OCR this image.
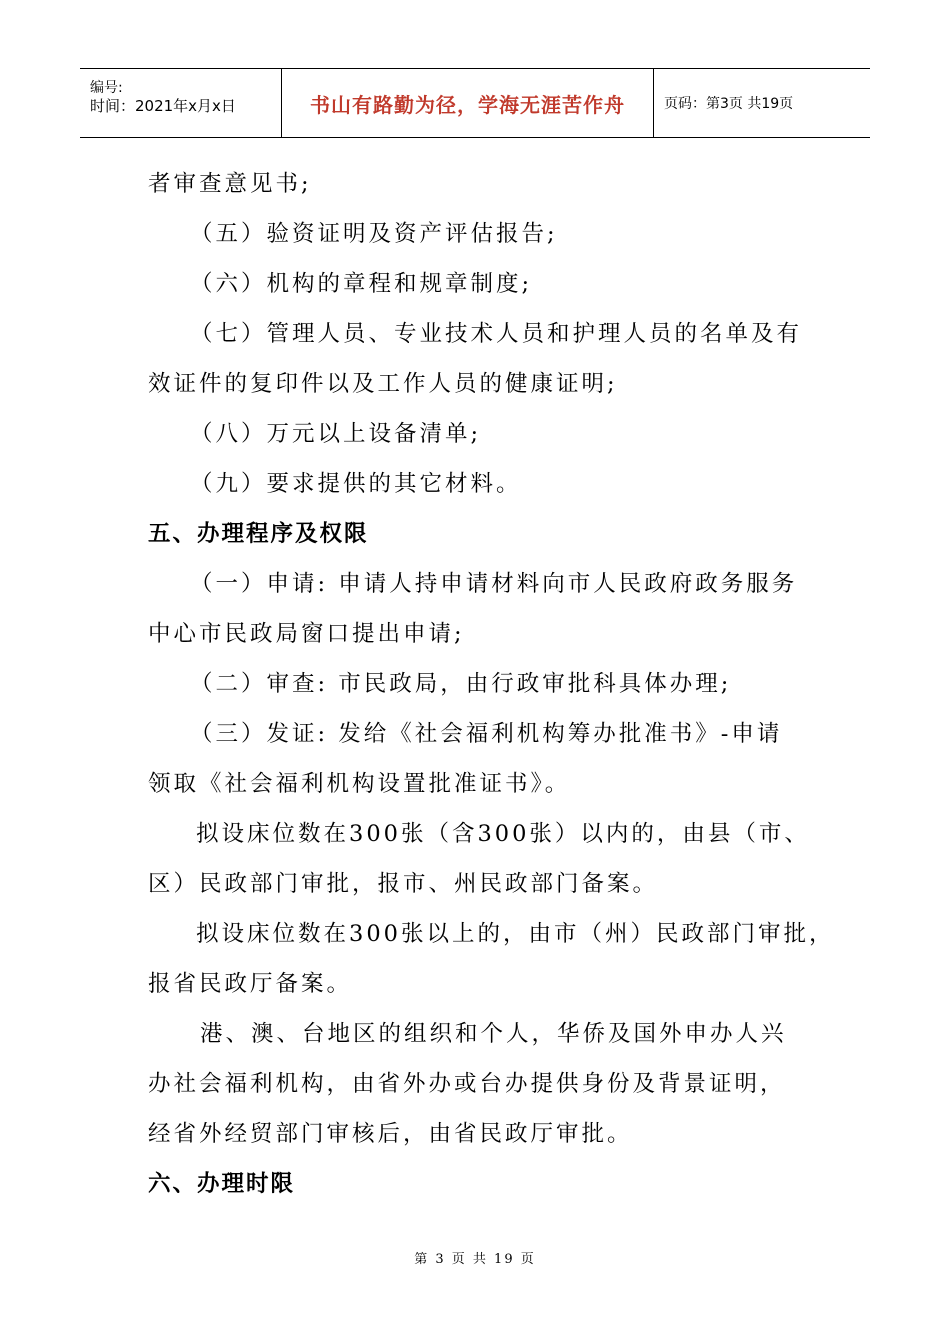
编号:
时间：2021年x月x日	书山有路勤为径，学海无涯苦作舟	页码：第3页 共19页
者审查意见书;
（五）验资证明及资产评估报告;
（六）机构的章程和规章制度;
（七）管理人员、专业技术人员和护理人员的名单及有
效证件的复印件以及工作人员的健康证明;
（八）万元以上设备清单;
（九）要求提供的其它材料。
五、办理程序及权限
（一）申请: 申请人持申请材料向市人民政府政务服务
中心市民政局窗口提出申请;
（二）审查: 市民政局，由行政审批科具体办理;
（三）发证: 发给《社会福利机构筹办批准书》-申请
领取《社会福利机构设置批准证书》。
拟设床位数在300张（含300张）以内的，由县（市、
区）民政部门审批，报市、州民政部门备案。
拟设床位数在300张以上的，由市（州）民政部门审批，
报省民政厅备案。
港、澳、台地区的组织和个人，华侨及国外申办人兴
办社会福利机构，由省外办或台办提供身份及背景证明，
经省外经贸部门审核后，由省民政厅审批。
六、办理时限
第 3 页 共 19 页
